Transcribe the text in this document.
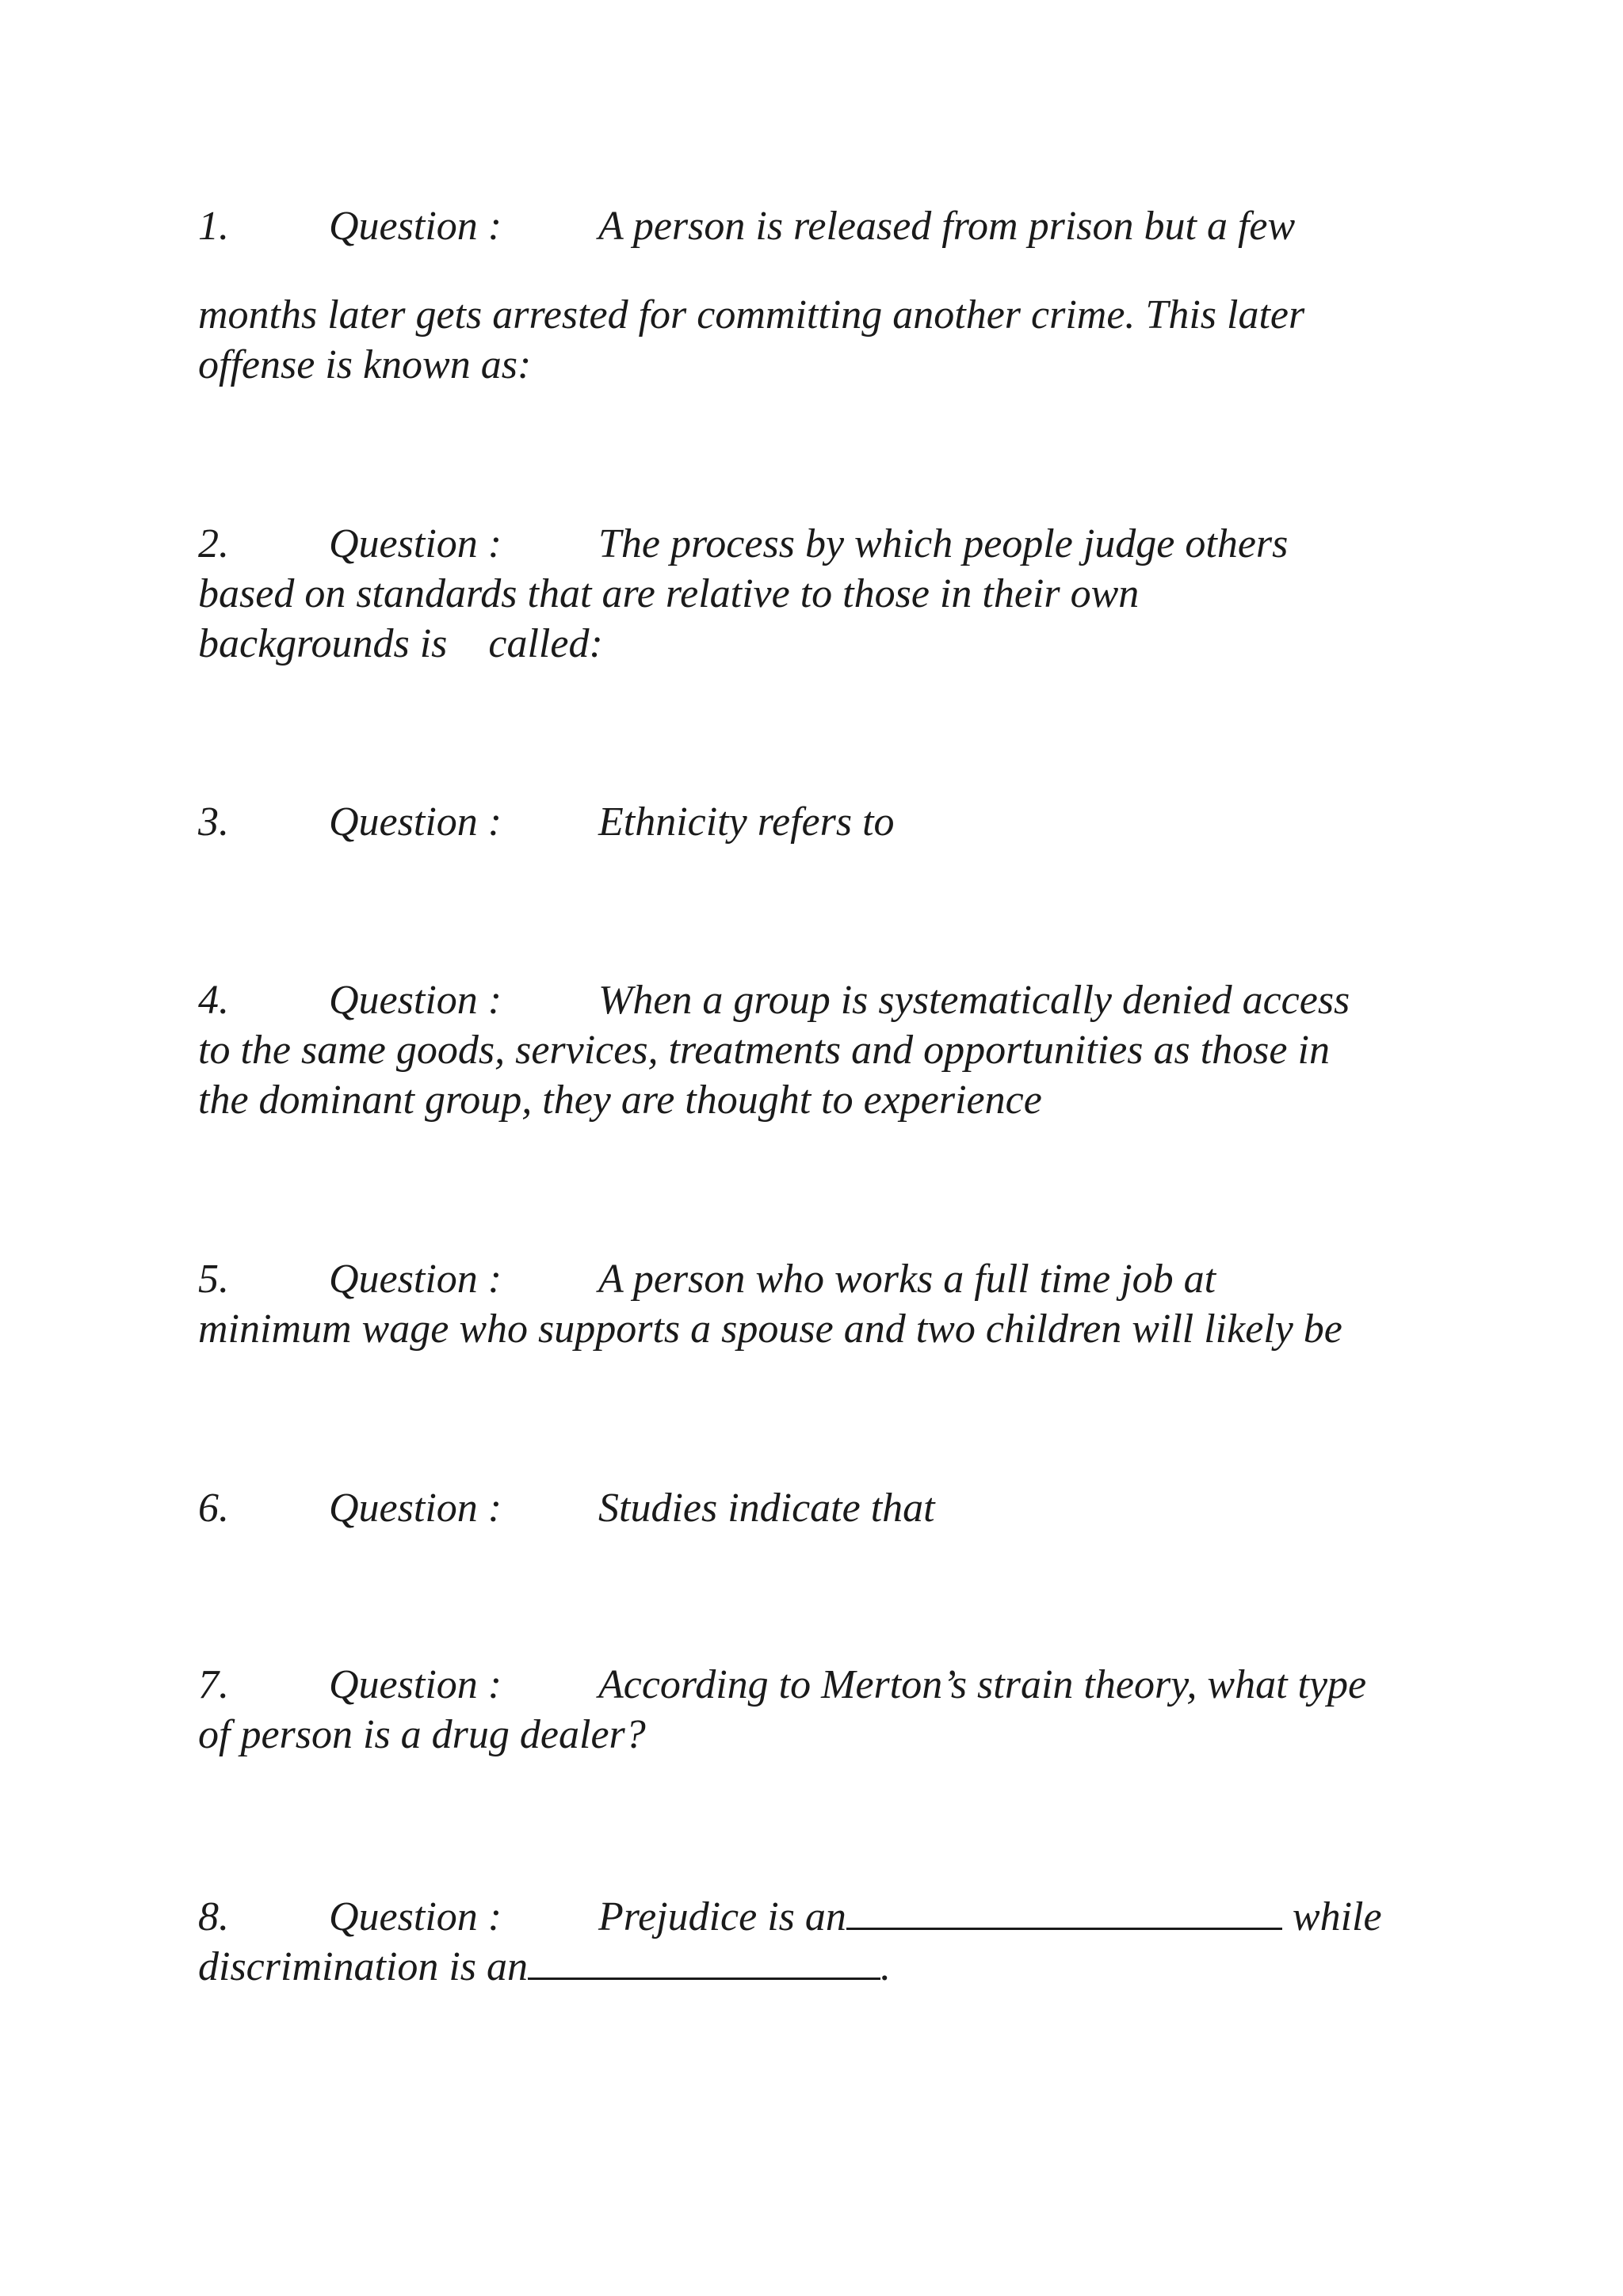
1. Question : A person is released from prison but a few
months later gets arrested for committing another crime. This later
offense is known as:
2. Question : The process by which people judge others
based on standards that are relative to those in their own
backgrounds is    called:
3. Question : Ethnicity refers to
4. Question : When a group is systematically denied access
to the same goods, services, treatments and opportunities as those in
the dominant group, they are thought to experience
5. Question : A person who works a full time job at
minimum wage who supports a spouse and two children will likely be
6. Question : Studies indicate that
7. Question : According to Merton’s strain theory, what type
of person is a drug dealer?
8. Question : Prejudice is an	while
discrimination is an	.
